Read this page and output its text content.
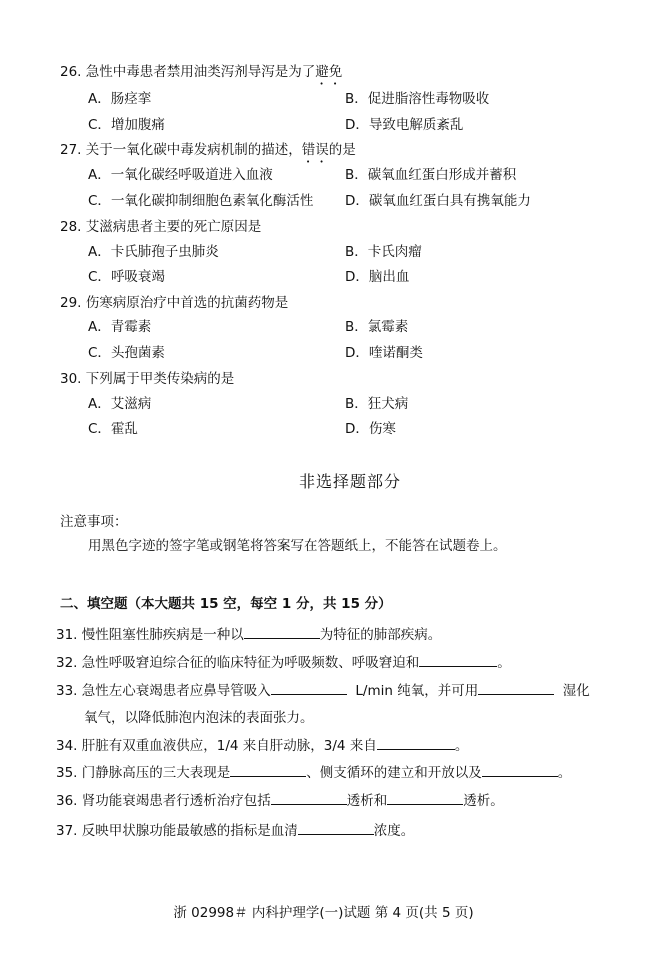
26. 急性中毒患者禁用油类泻剂导泻是为了避免
A．肠痉挛	B．促进脂溶性毒物吸收
C．增加腹痛	D．导致电解质紊乱
27. 关于一氧化碳中毒发病机制的描述，错误的是
A．一氧化碳经呼吸道进入血液	B．碳氧血红蛋白形成并蓄积
C．一氧化碳抑制细胞色素氧化酶活性 D．碳氧血红蛋白具有携氧能力
28. 艾滋病患者主要的死亡原因是
A．卡氏肺孢子虫肺炎	B．卡氏肉瘤
C．呼吸衰竭	D．脑出血
29. 伤寒病原治疗中首选的抗菌药物是
A．青霉素	B．氯霉素
C．头孢菌素	D．喹诺酮类
30. 下列属于甲类传染病的是
A．艾滋病	B．狂犬病
C．霍乱	D．伤寒
非选择题部分
注意事项：
用黑色字迹的签字笔或钢笔将答案写在答题纸上，不能答在试题卷上。
二、填空题（本大题共 15 空，每空 1 分，共 15 分）
31. 慢性阻塞性肺疾病是一种以	为特征的肺部疾病。
32. 急性呼吸窘迫综合征的临床特征为呼吸频数、呼吸窘迫和	。
33. 急性左心衰竭患者应鼻导管吸入	L/min 纯氧，并可用	湿化
氧气，以降低肺泡内泡沫的表面张力。
34. 肝脏有双重血液供应，1/4 来自肝动脉，3/4 来自	。
35. 门静脉高压的三大表现是	、侧支循环的建立和开放以及	。
36. 肾功能衰竭患者行透析治疗包括	透析和	透析。
37. 反映甲状腺功能最敏感的指标是血清	浓度。
浙 02998＃ 内科护理学(一)试题 第 4 页(共 5 页)
